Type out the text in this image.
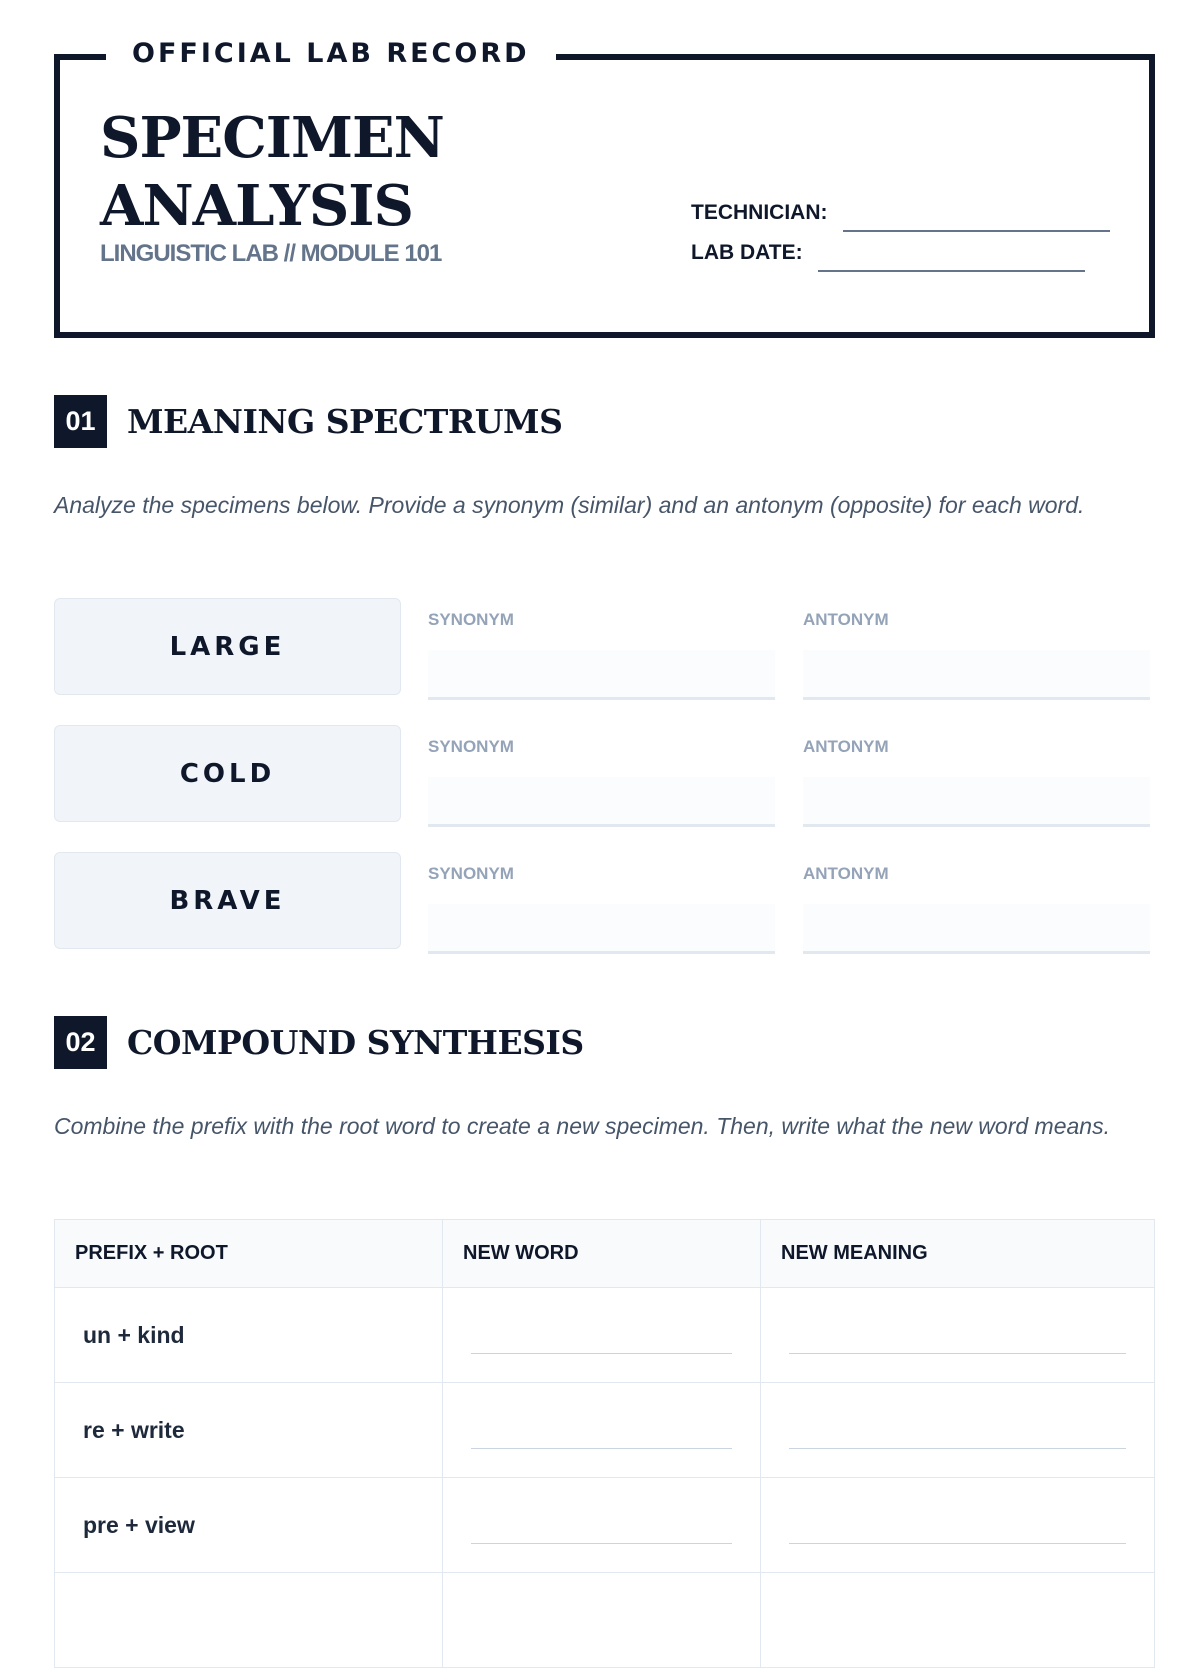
OFFICIAL LAB RECORD
SPECIMEN
ANALYSIS
LINGUISTIC LAB // MODULE 101
TECHNICIAN:
LAB DATE:
01 MEANING SPECTRUMS

Analyze the specimens below. Provide a synonym (similar) and an antonym (opposite) for each word.

LARGE
SYNONYM	ANTONYM
COLD
SYNONYM	ANTONYM
BRAVE
SYNONYM	ANTONYM
02 COMPOUND SYNTHESIS

Combine the prefix with the root word to create a new specimen. Then, write what the new word means.

PREFIX + ROOT	NEW WORD	NEW MEANING
un + kind	

re + write	

pre + view	
